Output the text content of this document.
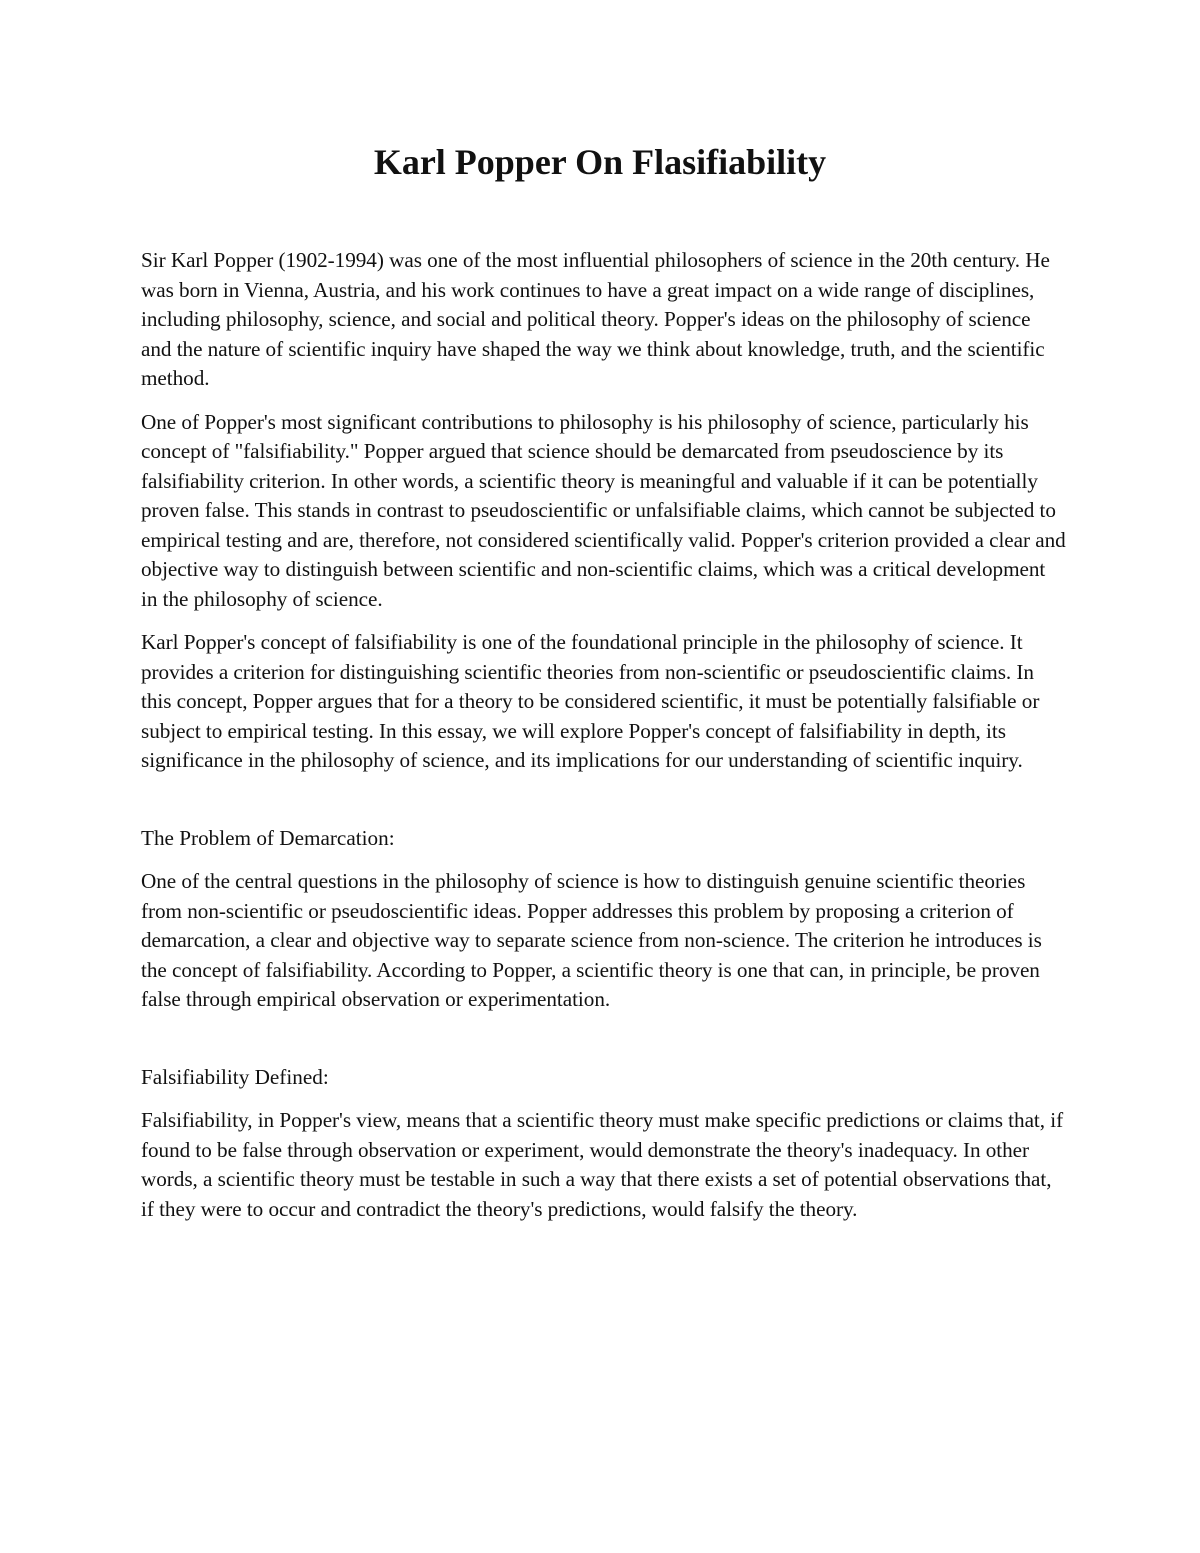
Karl Popper On Flasifiability

Sir Karl Popper (1902-1994) was one of the most influential philosophers of science in the 20th century. He was born in Vienna, Austria, and his work continues to have a great impact on a wide range of disciplines, including philosophy, science, and social and political theory. Popper's ideas on the philosophy of science and the nature of scientific inquiry have shaped the way we think about knowledge, truth, and the scientific method.

One of Popper's most significant contributions to philosophy is his philosophy of science, particularly his concept of "falsifiability." Popper argued that science should be demarcated from pseudoscience by its falsifiability criterion. In other words, a scientific theory is meaningful and valuable if it can be potentially proven false. This stands in contrast to pseudoscientific or unfalsifiable claims, which cannot be subjected to empirical testing and are, therefore, not considered scientifically valid. Popper's criterion provided a clear and objective way to distinguish between scientific and non-scientific claims, which was a critical development in the philosophy of science.

Karl Popper's concept of falsifiability is one of the foundational principle in the philosophy of science. It provides a criterion for distinguishing scientific theories from non-scientific or pseudoscientific claims. In this concept, Popper argues that for a theory to be considered scientific, it must be potentially falsifiable or subject to empirical testing. In this essay, we will explore Popper's concept of falsifiability in depth, its significance in the philosophy of science, and its implications for our understanding of scientific inquiry.

The Problem of Demarcation:

One of the central questions in the philosophy of science is how to distinguish genuine scientific theories from non-scientific or pseudoscientific ideas. Popper addresses this problem by proposing a criterion of demarcation, a clear and objective way to separate science from non-science. The criterion he introduces is the concept of falsifiability. According to Popper, a scientific theory is one that can, in principle, be proven false through empirical observation or experimentation.

Falsifiability Defined:

Falsifiability, in Popper's view, means that a scientific theory must make specific predictions or claims that, if found to be false through observation or experiment, would demonstrate the theory's inadequacy. In other words, a scientific theory must be testable in such a way that there exists a set of potential observations that, if they were to occur and contradict the theory's predictions, would falsify the theory.
